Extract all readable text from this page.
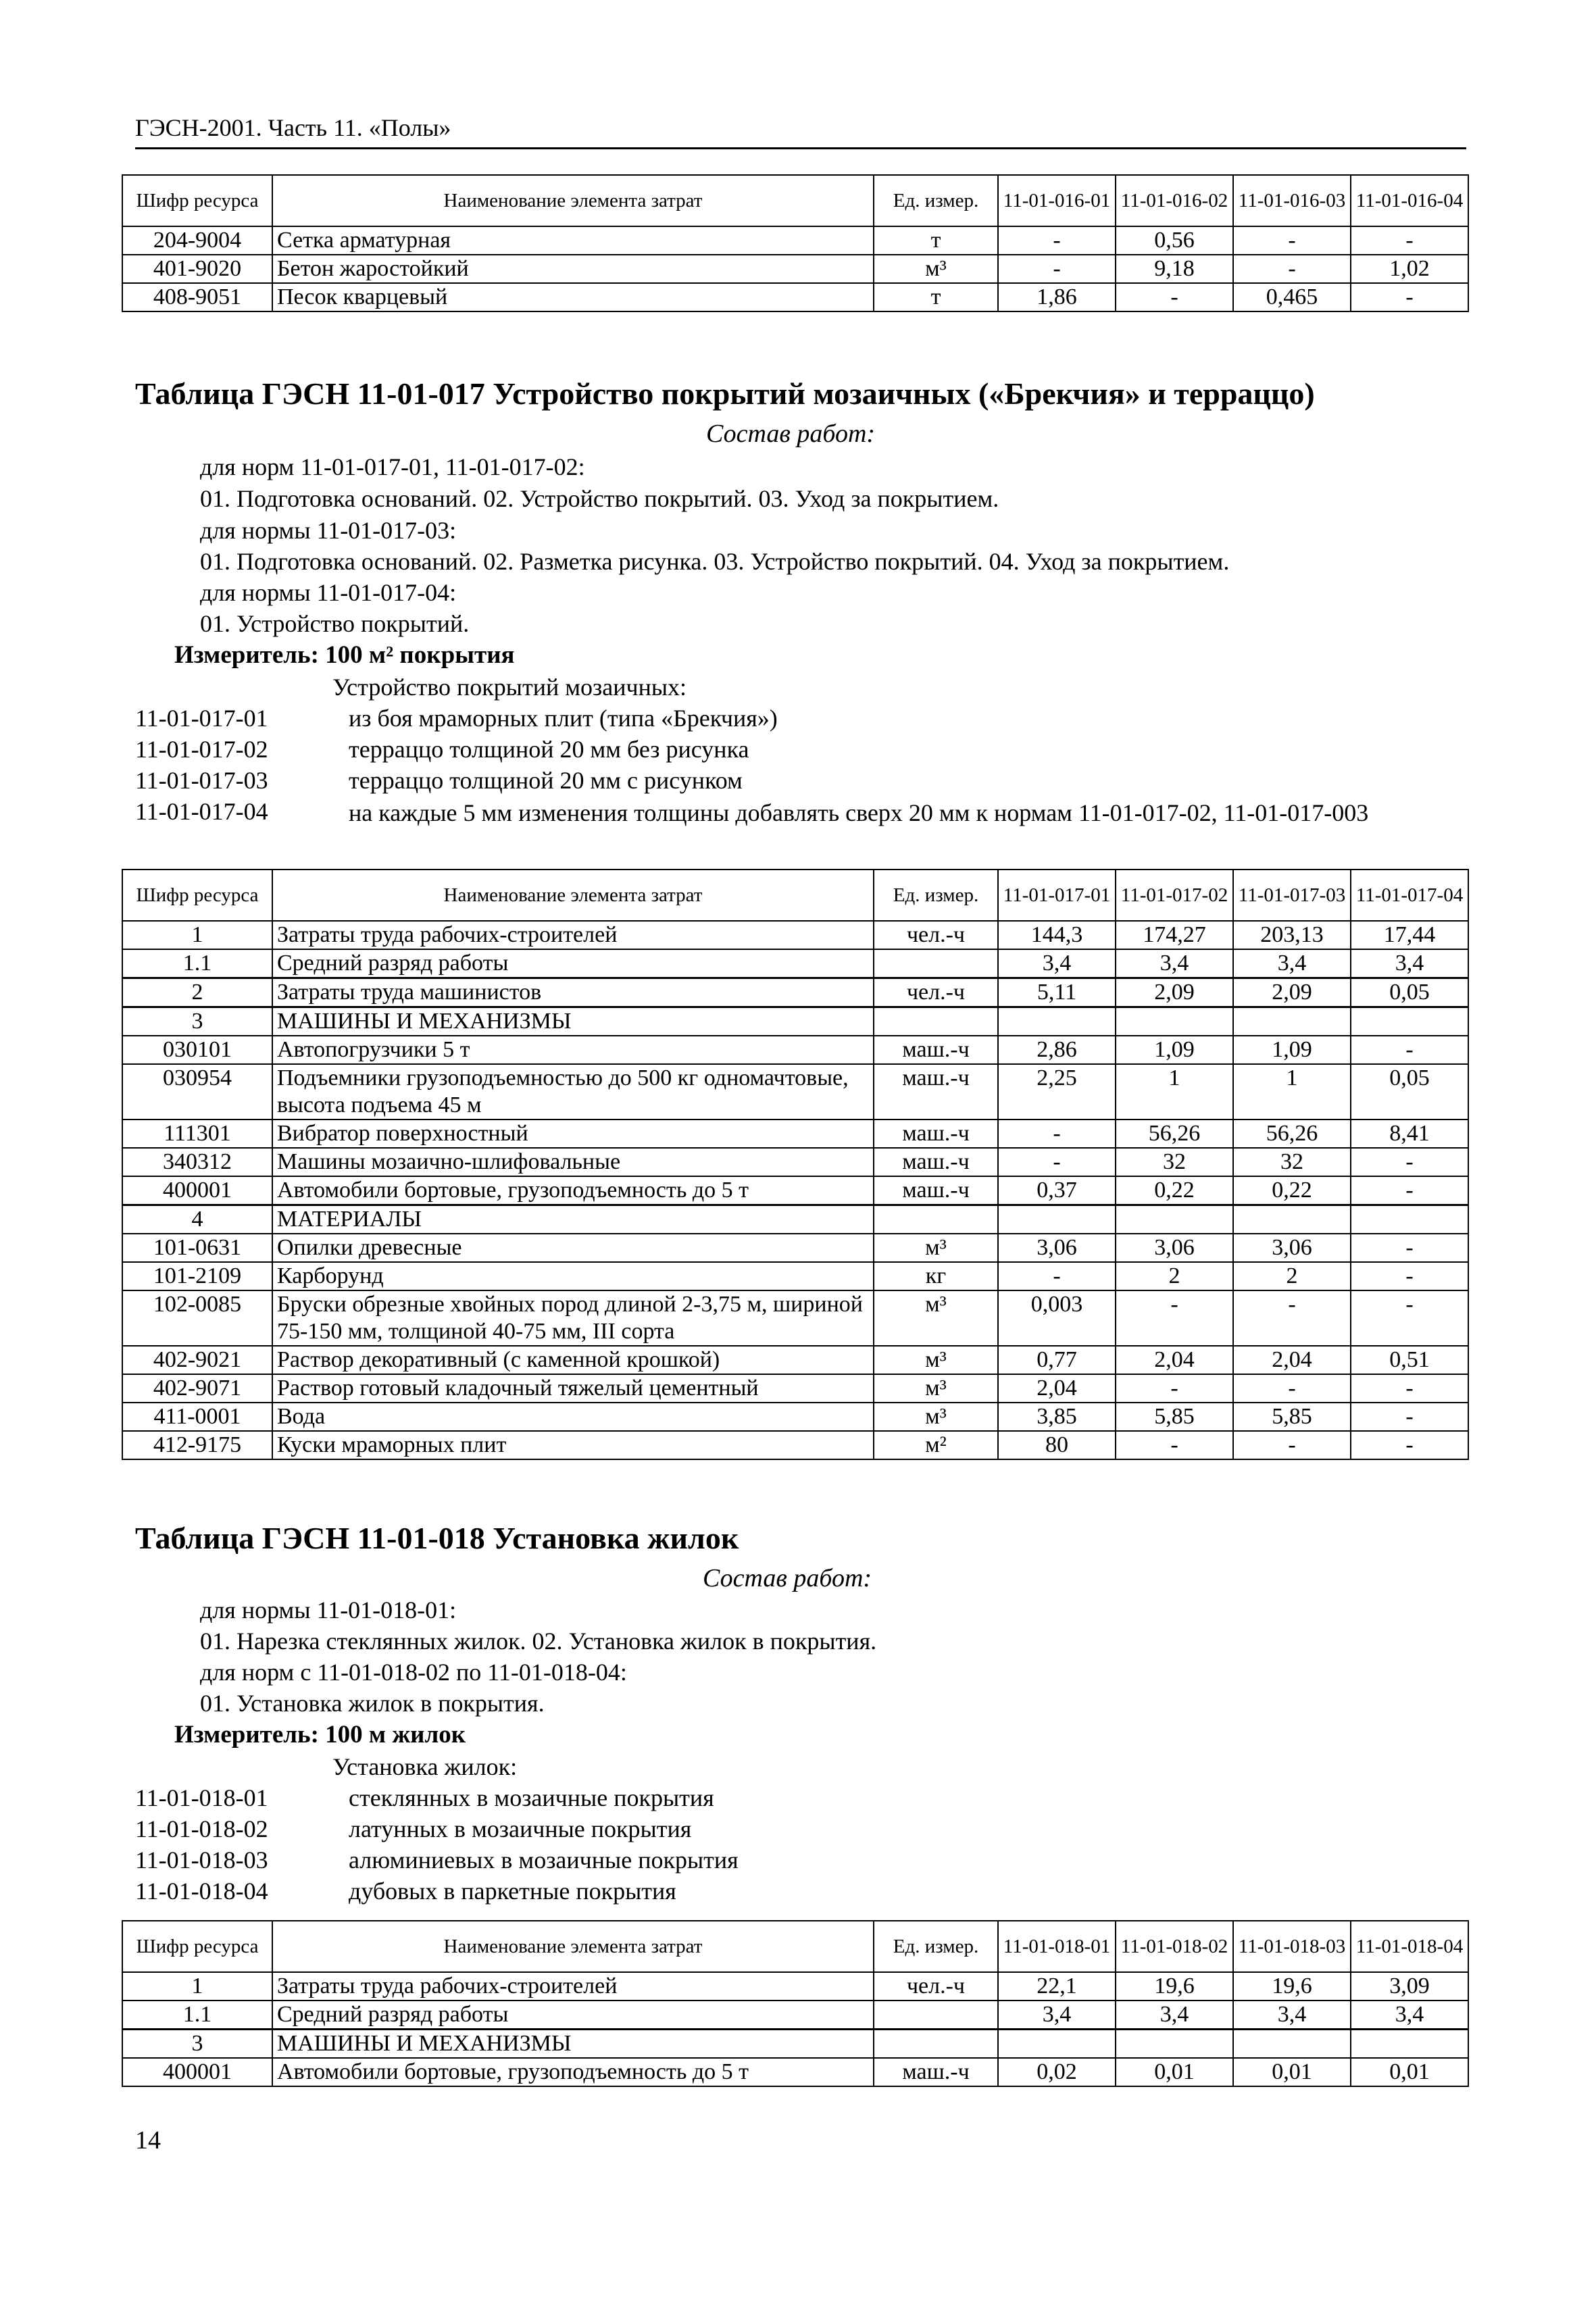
ГЭСН-2001. Часть 11. «Полы»
Шифр ресурса	Наименование элемента затрат	Ед. измер.	11-01-016-01	11-01-016-02	11-01-016-03	11-01-016-04
204-9004	Сетка арматурная	т	-	0,56	-	-
401-9020	Бетон жаростойкий	м³	-	9,18	-	1,02
408-9051	Песок кварцевый	т	1,86	-	0,465	-
Таблица ГЭСН 11-01-017 Устройство покрытий мозаичных («Брекчия» и терраццо)
Состав работ:
для норм 11-01-017-01, 11-01-017-02:
01. Подготовка оснований. 02. Устройство покрытий. 03. Уход за покрытием.
для нормы 11-01-017-03:
01. Подготовка оснований. 02. Разметка рисунка. 03. Устройство покрытий. 04. Уход за покрытием.
для нормы 11-01-017-04:
01. Устройство покрытий.
Измеритель: 100 м² покрытия
Устройство покрытий мозаичных:
11-01-017-01	из боя мраморных плит (типа «Брекчия»)
11-01-017-02	терраццо толщиной 20 мм без рисунка
11-01-017-03	терраццо толщиной 20 мм с рисунком
11-01-017-04	на каждые 5 мм изменения толщины добавлять сверх 20 мм к нормам 11-01-017-02, 11-01-017-003
Шифр ресурса	Наименование элемента затрат	Ед. измер.	11-01-017-01	11-01-017-02	11-01-017-03	11-01-017-04
1	Затраты труда рабочих-строителей	чел.-ч	144,3	174,27	203,13	17,44
1.1	Средний разряд работы		3,4	3,4	3,4	3,4
2	Затраты труда машинистов	чел.-ч	5,11	2,09	2,09	0,05
3	МАШИНЫ И МЕХАНИЗМЫ					
030101	Автопогрузчики 5 т	маш.-ч	2,86	1,09	1,09	-
030954	Подъемники грузоподъемностью до 500 кг одномачтовые, высота подъема 45 м	маш.-ч	2,25	1	1	0,05
111301	Вибратор поверхностный	маш.-ч	-	56,26	56,26	8,41
340312	Машины мозаично-шлифовальные	маш.-ч	-	32	32	-
400001	Автомобили бортовые, грузоподъемность до 5 т	маш.-ч	0,37	0,22	0,22	-
4	МАТЕРИАЛЫ					
101-0631	Опилки древесные	м³	3,06	3,06	3,06	-
101-2109	Карборунд	кг	-	2	2	-
102-0085	Бруски обрезные хвойных пород длиной 2-3,75 м, шириной 75-150 мм, толщиной 40-75 мм, III сорта	м³	0,003	-	-	-
402-9021	Раствор декоративный (с каменной крошкой)	м³	0,77	2,04	2,04	0,51
402-9071	Раствор готовый кладочный тяжелый цементный	м³	2,04	-	-	-
411-0001	Вода	м³	3,85	5,85	5,85	-
412-9175	Куски мраморных плит	м²	80	-	-	-
Таблица ГЭСН 11-01-018 Установка жилок
Состав работ:
для нормы 11-01-018-01:
01. Нарезка стеклянных жилок. 02. Установка жилок в покрытия.
для норм с 11-01-018-02 по 11-01-018-04:
01. Установка жилок в покрытия.
Измеритель: 100 м жилок
Установка жилок:
11-01-018-01	стеклянных в мозаичные покрытия
11-01-018-02	латунных в мозаичные покрытия
11-01-018-03	алюминиевых в мозаичные покрытия
11-01-018-04	дубовых в паркетные покрытия
Шифр ресурса	Наименование элемента затрат	Ед. измер.	11-01-018-01	11-01-018-02	11-01-018-03	11-01-018-04
1	Затраты труда рабочих-строителей	чел.-ч	22,1	19,6	19,6	3,09
1.1	Средний разряд работы		3,4	3,4	3,4	3,4
3	МАШИНЫ И МЕХАНИЗМЫ					
400001	Автомобили бортовые, грузоподъемность до 5 т	маш.-ч	0,02	0,01	0,01	0,01
14
